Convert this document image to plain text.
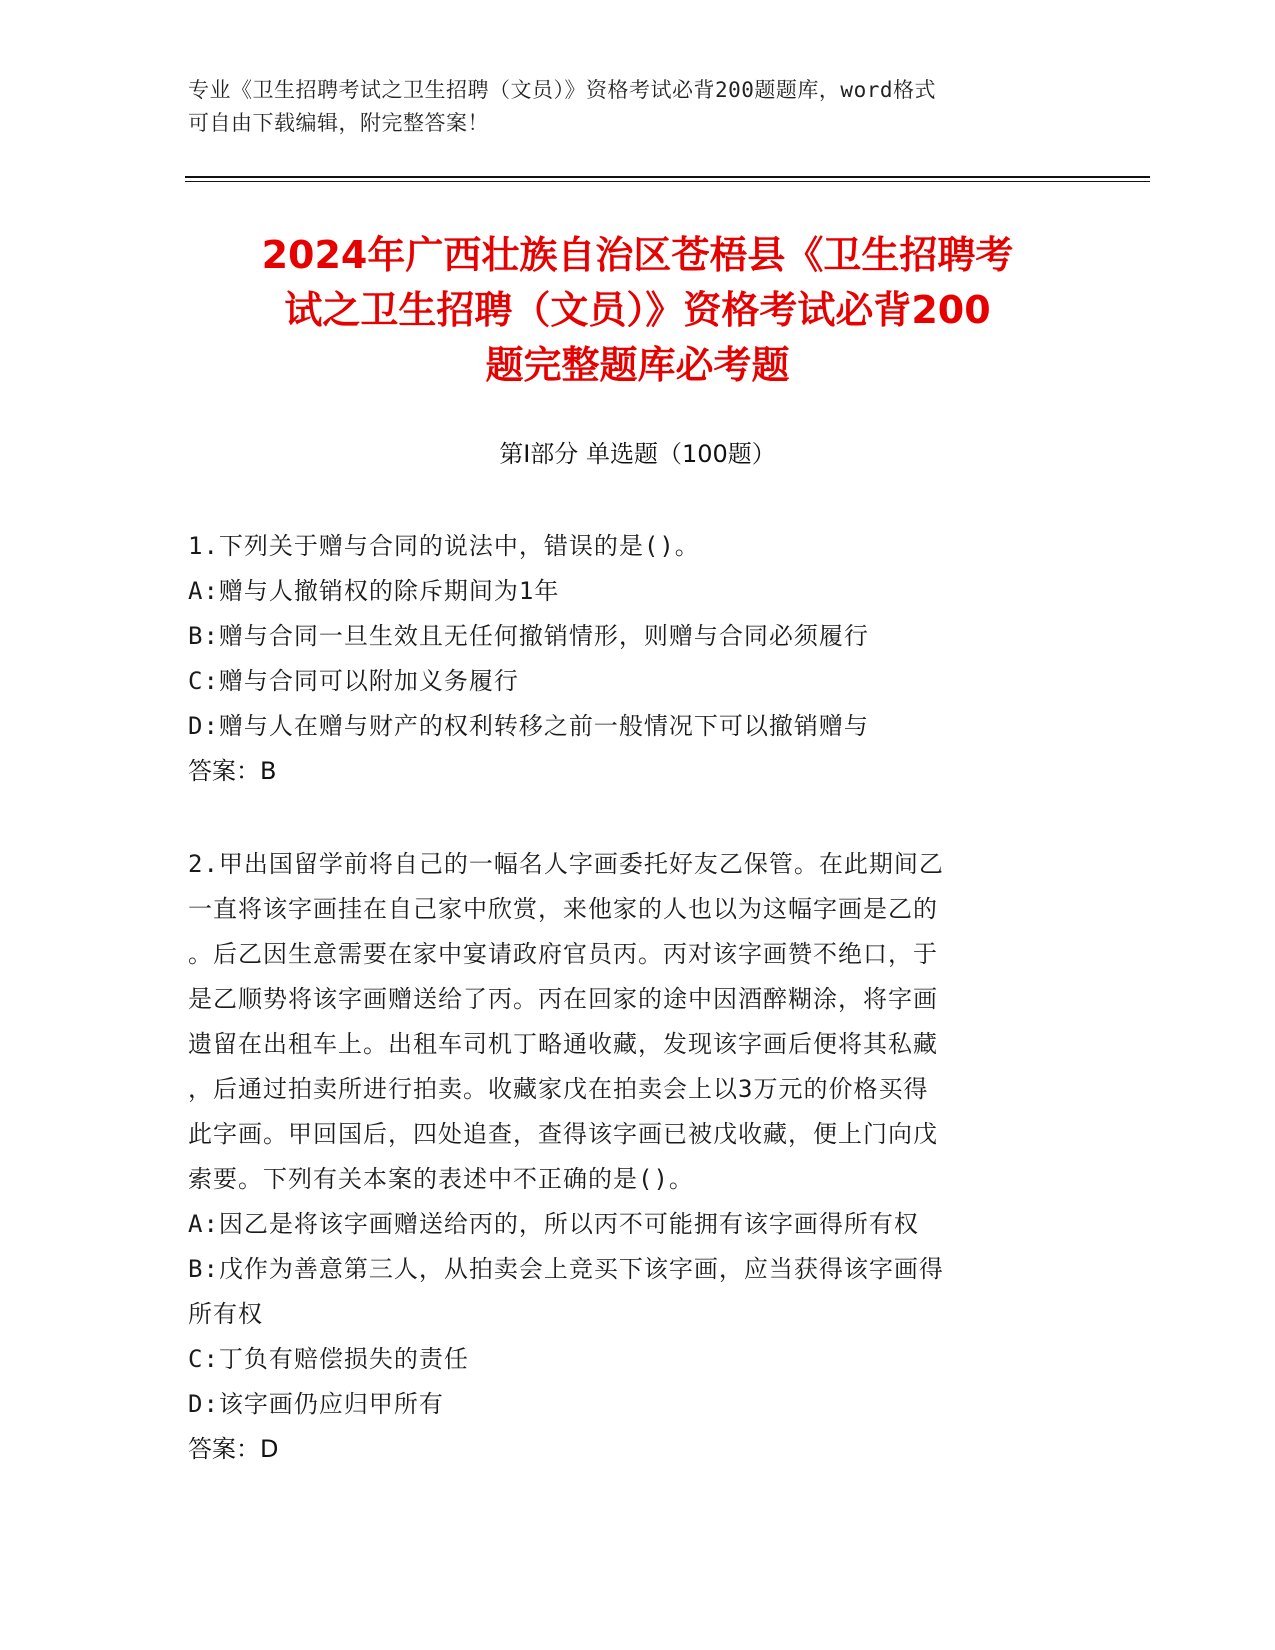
专业《卫生招聘考试之卫生招聘（文员）》资格考试必背200题题库，word格式
可自由下载编辑，附完整答案！
2024年广西壮族自治区苍梧县《卫生招聘考
试之卫生招聘（文员）》资格考试必背200
题完整题库必考题
第Ⅰ部分 单选题（100题）
1.下列关于赠与合同的说法中，错误的是()。
A:赠与人撤销权的除斥期间为1年
B:赠与合同一旦生效且无任何撤销情形，则赠与合同必须履行
C:赠与合同可以附加义务履行
D:赠与人在赠与财产的权利转移之前一般情况下可以撤销赠与
答案：B
2.甲出国留学前将自己的一幅名人字画委托好友乙保管。在此期间乙
一直将该字画挂在自己家中欣赏，来他家的人也以为这幅字画是乙的
。后乙因生意需要在家中宴请政府官员丙。丙对该字画赞不绝口，于
是乙顺势将该字画赠送给了丙。丙在回家的途中因酒醉糊涂，将字画
遗留在出租车上。出租车司机丁略通收藏，发现该字画后便将其私藏
，后通过拍卖所进行拍卖。收藏家戊在拍卖会上以3万元的价格买得
此字画。甲回国后，四处追查，查得该字画已被戊收藏，便上门向戊
索要。下列有关本案的表述中不正确的是()。
A:因乙是将该字画赠送给丙的，所以丙不可能拥有该字画得所有权
B:戊作为善意第三人，从拍卖会上竞买下该字画，应当获得该字画得
所有权
C:丁负有赔偿损失的责任
D:该字画仍应归甲所有
答案：D
